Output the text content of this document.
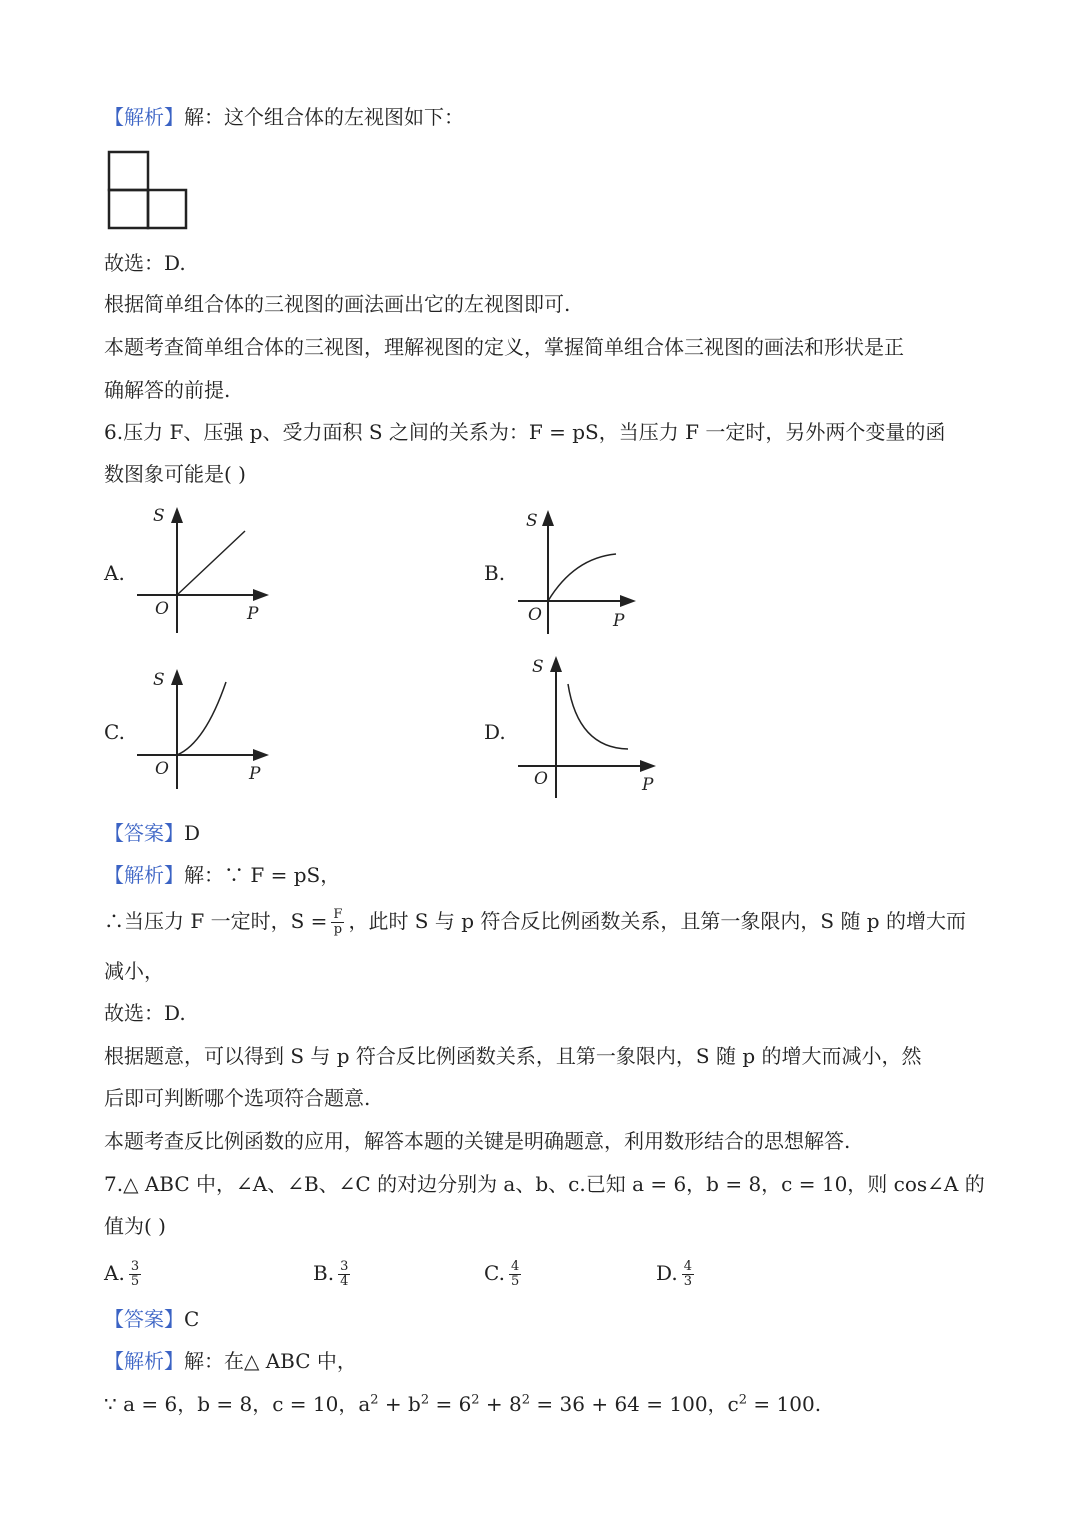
【解析】解：这个组合体的左视图如下：
故选：D.
根据简单组合体的三视图的画法画出它的左视图即可.
本题考查简单组合体的三视图，理解视图的定义，掌握简单组合体三视图的画法和形状是正
确解答的前提.
6.压力 F、压强 p、受力面积 S 之间的关系为：F = pS，当压力 F 一定时，另外两个变量的函
数图象可能是( )
A.
S
O	P
B.
S
O	P
C.
S
O	P
D.
S
O	P
【答案】D
【解析】解：∵ F = pS，
∴当压力 F 一定时，$S = \frac{F}{p}$ ，此时 S 与 p 符合反比例函数关系，且第一象限内，S 随 p 的增大而
减小，
故选：D.
根据题意，可以得到 S 与 p 符合反比例函数关系，且第一象限内，S 随 p 的增大而减小，然
后即可判断哪个选项符合题意.
本题考查反比例函数的应用，解答本题的关键是明确题意，利用数形结合的思想解答.
7.△ ABC 中，∠A、∠B、∠C 的对边分别为 a、b、c.已知 a = 6，b = 8，c = 10，则 cos∠A 的
值为( )
A. $\frac{3}{5}$	B. $\frac{3}{4}$	C. $\frac{4}{5}$	D. $\frac{4}{3}$
【答案】C
【解析】解：在△ ABC 中，
∵ a = 6，b = 8，c = 10，$a^2 + b^2 = 6^2 + 8^2 = 36 + 64 = 100$，$c^2 = 100$.
